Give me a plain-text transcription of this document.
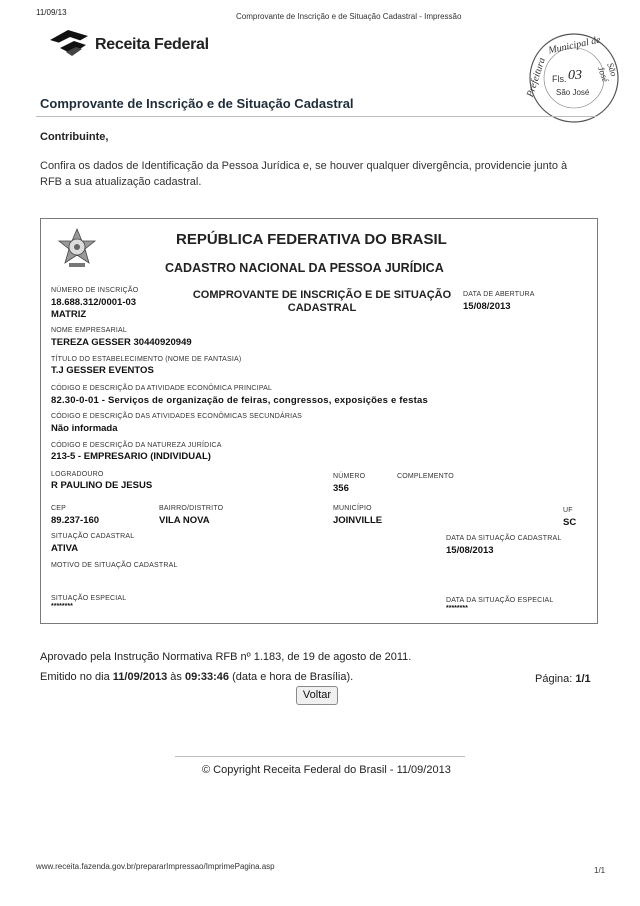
11/09/13	Comprovante de Inscrição e de Situação Cadastral - Impressão
Receita Federal	Municipal de
Prefeitura	São José
Fls. 03
São José
Comprovante de Inscrição e de Situação Cadastral
Contribuinte,
Confira os dados de Identificação da Pessoa Jurídica e, se houver qualquer divergência, providencie junto à RFB a sua atualização cadastral.
REPÚBLICA FEDERATIVA DO BRASIL
CADASTRO NACIONAL DA PESSOA JURÍDICA
NÚMERO DE INSCRIÇÃO
18.688.312/0001-03
MATRIZ
COMPROVANTE DE INSCRIÇÃO E DE SITUAÇÃO CADASTRAL
DATA DE ABERTURA
15/08/2013
NOME EMPRESARIAL
TEREZA GESSER 30440920949
TÍTULO DO ESTABELECIMENTO (NOME DE FANTASIA)
T.J GESSER EVENTOS
CÓDIGO E DESCRIÇÃO DA ATIVIDADE ECONÔMICA PRINCIPAL
82.30-0-01 - Serviços de organização de feiras, congressos, exposições e festas
CÓDIGO E DESCRIÇÃO DAS ATIVIDADES ECONÔMICAS SECUNDÁRIAS
Não informada
CÓDIGO E DESCRIÇÃO DA NATUREZA JURÍDICA
213-5 - EMPRESARIO (INDIVIDUAL)
LOGRADOURO
R PAULINO DE JESUS
NÚMERO
356
COMPLEMENTO
CEP
89.237-160
BAIRRO/DISTRITO
VILA NOVA
MUNICÍPIO
JOINVILLE
UF
SC
SITUAÇÃO CADASTRAL
ATIVA
DATA DA SITUAÇÃO CADASTRAL
15/08/2013
MOTIVO DE SITUAÇÃO CADASTRAL
SITUAÇÃO ESPECIAL
********
DATA DA SITUAÇÃO ESPECIAL
********
Aprovado pela Instrução Normativa RFB nº 1.183, de 19 de agosto de 2011.
Emitido no dia 11/09/2013 às 09:33:46 (data e hora de Brasília).	Página: 1/1
Voltar
© Copyright Receita Federal do Brasil - 11/09/2013
www.receita.fazenda.gov.br/prepararImpressao/ImprimePagina.asp	1/1
